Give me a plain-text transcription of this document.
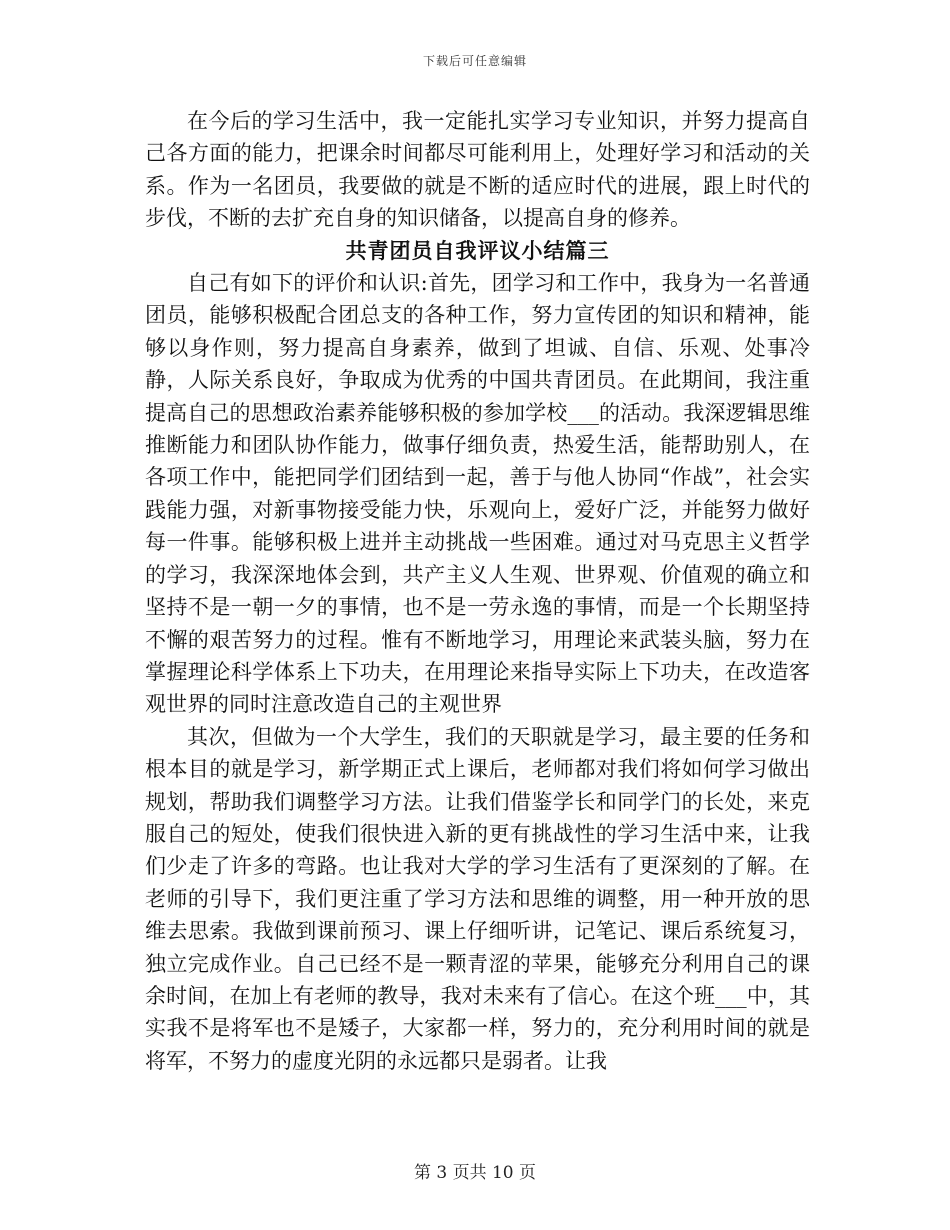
下载后可任意编辑

在今后的学习生活中，我一定能扎实学习专业知识，并努力提高自己各方面的能力，把课余时间都尽可能利用上，处理好学习和活动的关系。作为一名团员，我要做的就是不断的适应时代的进展，跟上时代的步伐，不断的去扩充自身的知识储备，以提高自身的修养。

共青团员自我评议小结篇三

自己有如下的评价和认识:首先，团学习和工作中，我身为一名普通团员，能够积极配合团总支的各种工作，努力宣传团的知识和精神，能够以身作则，努力提高自身素养，做到了坦诚、自信、乐观、处事冷静，人际关系良好，争取成为优秀的中国共青团员。在此期间，我注重提高自己的思想政治素养能够积极的参加学校___的活动。我深逻辑思维推断能力和团队协作能力，做事仔细负责，热爱生活，能帮助别人，在各项工作中，能把同学们团结到一起，善于与他人协同“作战”，社会实践能力强，对新事物接受能力快，乐观向上，爱好广泛，并能努力做好每一件事。能够积极上进并主动挑战一些困难。通过对马克思主义哲学的学习，我深深地体会到，共产主义人生观、世界观、价值观的确立和坚持不是一朝一夕的事情，也不是一劳永逸的事情，而是一个长期坚持不懈的艰苦努力的过程。惟有不断地学习，用理论来武装头脑，努力在掌握理论科学体系上下功夫，在用理论来指导实际上下功夫，在改造客观世界的同时注意改造自己的主观世界

其次，但做为一个大学生，我们的天职就是学习，最主要的任务和根本目的就是学习，新学期正式上课后，老师都对我们将如何学习做出规划，帮助我们调整学习方法。让我们借鉴学长和同学门的长处，来克服自己的短处，使我们很快进入新的更有挑战性的学习生活中来，让我们少走了许多的弯路。也让我对大学的学习生活有了更深刻的了解。在老师的引导下，我们更注重了学习方法和思维的调整，用一种开放的思维去思索。我做到课前预习、课上仔细听讲，记笔记、课后系统复习，独立完成作业。自己已经不是一颗青涩的苹果，能够充分利用自己的课余时间，在加上有老师的教导，我对未来有了信心。在这个班___中，其实我不是将军也不是矮子，大家都一样，努力的，充分利用时间的就是将军，不努力的虚度光阴的永远都只是弱者。让我

第 3 页共 10 页
